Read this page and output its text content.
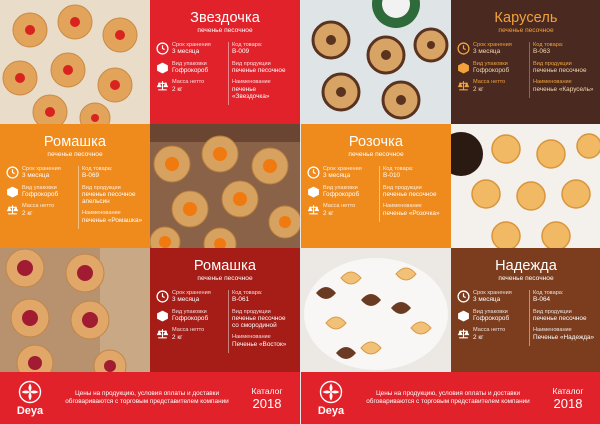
Звездочка
печенье песочное
Срок хранения
3 месяца
Вид упаковки
Гофрокороб
Масса нетто
2 кг
Код товара:
В-009
Вид продукции
печенье песочное
Наименование
печенье «Звездочка»
Ромашка
печенье песочное
Срок хранения
3 месяца
Вид упаковки
Гофрокороб
Масса нетто
2 кг
Код товара:
В-069
Вид продукции
печенье песочное апельсин
Наименование
печенье «Ромашка»
Ромашка
печенье песочное
Срок хранения
3 месяца
Вид упаковки
Гофрокороб
Масса нетто
2 кг
Код товара:
В-061
Вид продукции
печенье песочное со смородиной
Наименование
Печенье «Восток»
Deya
Цены на продукцию, условия оплаты и доставки обговариваются с торговым представителем компании
Каталог
2018
Карусель
печенье песочное
Срок хранения
3 месяца
Вид упаковки
Гофрокороб
Масса нетто
2 кг
Код товара:
В-063
Вид продукции
печенье песочное
Наименование
печенье «Карусель»
Розочка
печенье песочное
Срок хранения
3 месяца
Вид упаковки
Гофрокороб
Масса нетто
2 кг
Код товара:
В-010
Вид продукции
печенье песочное
Наименование
печенье «Розочка»
Надежда
печенье песочное
Срок хранения
3 месяца
Вид упаковки
Гофрокороб
Масса нетто
2 кг
Код товара:
В-064
Вид продукции
печенье песочное
Наименование
Печенье «Надежда»
Deya
Цены на продукцию, условия оплаты и доставки обговариваются с торговым представителем компании
Каталог
2018
